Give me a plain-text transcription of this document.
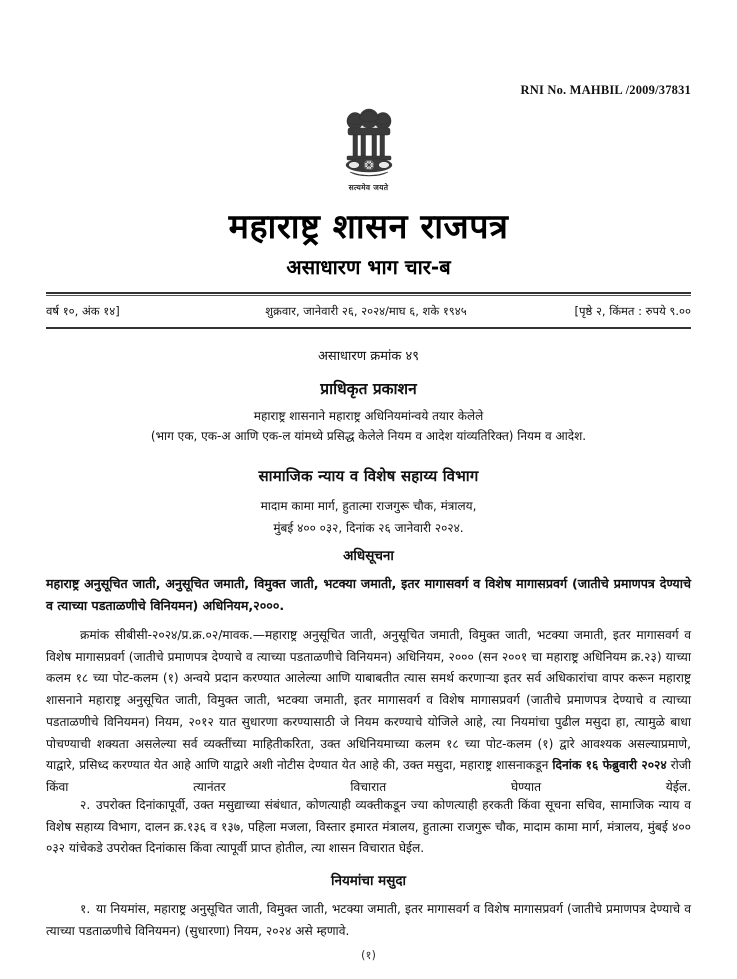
RNI No. MAHBIL /2009/37831
सत्यमेव जयते
महाराष्ट्र शासन राजपत्र
असाधारण भाग चार-ब
वर्ष १०, अंक १४]	शुक्रवार, जानेवारी २६, २०२४/माघ ६, शके १९४५	[पृष्ठे २, किंमत : रुपये ९.००
असाधारण क्रमांक ४९
प्राधिकृत प्रकाशन
महाराष्ट्र शासनाने महाराष्ट्र अधिनियमांन्वये तयार केलेले
(भाग एक, एक-अ आणि एक-ल यांमध्ये प्रसिद्ध केलेले नियम व आदेश यांव्यतिरिक्त) नियम व आदेश.
सामाजिक न्याय व विशेष सहाय्य विभाग
मादाम कामा मार्ग, हुतात्मा राजगुरू चौक, मंत्रालय,
मुंबई ४०० ०३२, दिनांक २६ जानेवारी २०२४.
अधिसूचना
महाराष्ट्र अनुसूचित जाती, अनुसूचित जमाती, विमुक्त जाती, भटक्या जमाती, इतर मागासवर्ग व विशेष मागासप्रवर्ग (जातीचे प्रमाणपत्र देण्याचे व त्याच्या पडताळणीचे विनियमन) अधिनियम,२०००.
क्रमांक सीबीसी-२०२४/प्र.क्र.०२/मावक.—महाराष्ट्र अनुसूचित जाती, अनुसूचित जमाती, विमुक्त जाती, भटक्या जमाती, इतर मागासवर्ग व विशेष मागासप्रवर्ग (जातीचे प्रमाणपत्र देण्याचे व त्याच्या पडताळणीचे विनियमन) अधिनियम, २००० (सन २००१ चा महाराष्ट्र अधिनियम क्र.२३) याच्या कलम १८ च्या पोट-कलम (१) अन्वये प्रदान करण्यात आलेल्या आणि याबाबतीत त्यास समर्थ करणाऱ्या इतर सर्व अधिकारांचा वापर करून महाराष्ट्र शासनाने महाराष्ट्र अनुसूचित जाती, विमुक्त जाती, भटक्या जमाती, इतर मागासवर्ग व विशेष मागासप्रवर्ग (जातीचे प्रमाणपत्र देण्याचे व त्याच्या पडताळणीचे विनियमन) नियम, २०१२ यात सुधारणा करण्यासाठी जे नियम करण्याचे योजिले आहे, त्या नियमांचा पुढील मसुदा हा, त्यामुळे बाधा पोचण्याची शक्यता असलेल्या सर्व व्यक्तींच्या माहितीकरिता, उक्त अधिनियमाच्या कलम १८ च्या पोट-कलम (१) द्वारे आवश्यक असल्याप्रमाणे, याद्वारे, प्रसिध्द करण्यात येत आहे आणि याद्वारे अशी नोटीस देण्यात येत आहे की, उक्त मसुदा, महाराष्ट्र शासनाकडून दिनांक १६ फेब्रुवारी २०२४ रोजी किंवा त्यानंतर विचारात घेण्यात येईल.
२. उपरोक्त दिनांकापूर्वी, उक्त मसुद्याच्या संबंधात, कोणत्याही व्यक्तीकडून ज्या कोणत्याही हरकती किंवा सूचना सचिव, सामाजिक न्याय व विशेष सहाय्य विभाग, दालन क्र.१३६ व १३७, पहिला मजला, विस्तार इमारत मंत्रालय, हुतात्मा राजगुरू चौक, मादाम कामा मार्ग, मंत्रालय, मुंबई ४०० ०३२ यांचेकडे उपरोक्त दिनांकास किंवा त्यापूर्वी प्राप्त होतील, त्या शासन विचारात घेईल.
नियमांचा मसुदा
१. या नियमांस, महाराष्ट्र अनुसूचित जाती, विमुक्त जाती, भटक्या जमाती, इतर मागासवर्ग व विशेष मागासप्रवर्ग (जातीचे प्रमाणपत्र देण्याचे व त्याच्या पडताळणीचे विनियमन) (सुधारणा) नियम, २०२४ असे म्हणावे.
(१)
